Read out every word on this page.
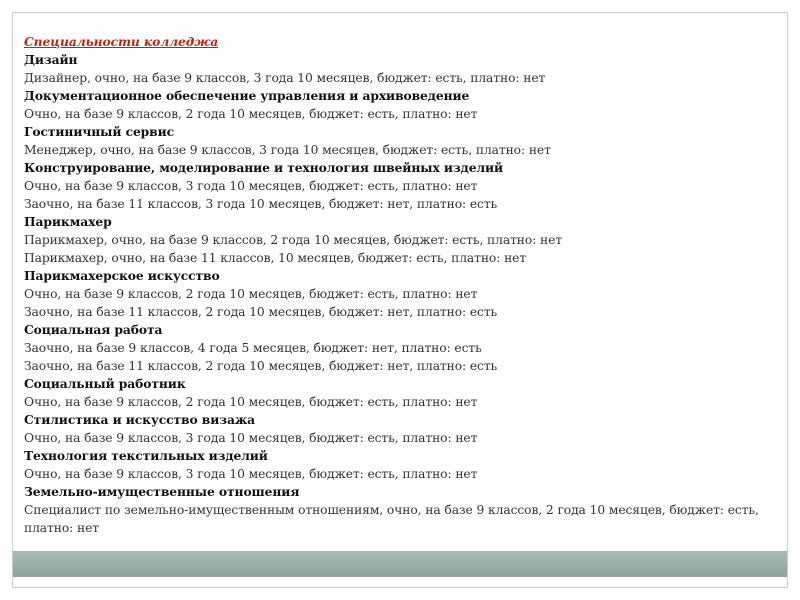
Специальности колледжа
Дизайн
Дизайнер, очно, на базе 9 классов, 3 года 10 месяцев, бюджет: есть, платно: нет
Документационное обеспечение управления и архивоведение
Очно, на базе 9 классов, 2 года 10 месяцев, бюджет: есть, платно: нет
Гостиничный сервис
Менеджер, очно, на базе 9 классов, 3 года 10 месяцев, бюджет: есть, платно: нет
Конструирование, моделирование и технология швейных изделий
Очно, на базе 9 классов, 3 года 10 месяцев, бюджет: есть, платно: нет
Заочно, на базе 11 классов, 3 года 10 месяцев, бюджет: нет, платно: есть
Парикмахер
Парикмахер, очно, на базе 9 классов, 2 года 10 месяцев, бюджет: есть, платно: нет
Парикмахер, очно, на базе 11 классов, 10 месяцев, бюджет: есть, платно: нет
Парикмахерское искусство
Очно, на базе 9 классов, 2 года 10 месяцев, бюджет: есть, платно: нет
Заочно, на базе 11 классов, 2 года 10 месяцев, бюджет: нет, платно: есть
Социальная работа
Заочно, на базе 9 классов, 4 года 5 месяцев, бюджет: нет, платно: есть
Заочно, на базе 11 классов, 2 года 10 месяцев, бюджет: нет, платно: есть
Социальный работник
Очно, на базе 9 классов, 2 года 10 месяцев, бюджет: есть, платно: нет
Стилистика и искусство визажа
Очно, на базе 9 классов, 3 года 10 месяцев, бюджет: есть, платно: нет
Технология текстильных изделий
Очно, на базе 9 классов, 3 года 10 месяцев, бюджет: есть, платно: нет
Земельно-имущественные отношения
Специалист по земельно-имущественным отношениям, очно, на базе 9 классов, 2 года 10 месяцев, бюджет: есть, платно: нет
